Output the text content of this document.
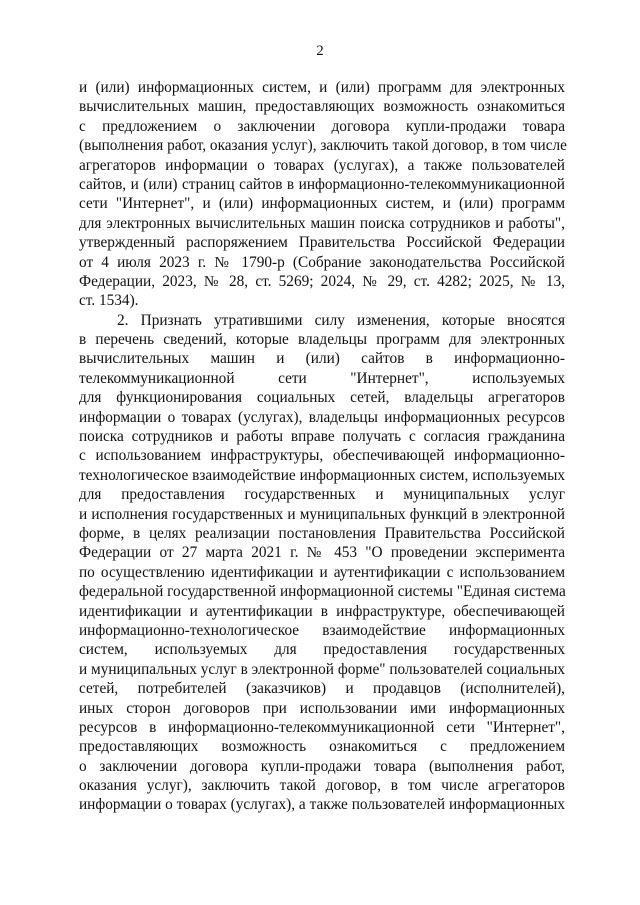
2
и (или) информационных систем, и (или) программ для электронных
вычислительных машин, предоставляющих возможность ознакомиться
с предложением о заключении договора купли-продажи товара
(выполнения работ, оказания услуг), заключить такой договор, в том числе
агрегаторов информации о товарах (услугах), а также пользователей
сайтов, и (или) страниц сайтов в информационно-телекоммуникационной
сети "Интернет", и (или) информационных систем, и (или) программ
для электронных вычислительных машин поиска сотрудников и работы",
утвержденный распоряжением Правительства Российской Федерации
от 4 июля 2023 г. № 1790-р (Собрание законодательства Российской
Федерации, 2023, № 28, ст. 5269; 2024, № 29, ст. 4282; 2025, № 13,
ст. 1534).
2. Признать утратившими силу изменения, которые вносятся
в перечень сведений, которые владельцы программ для электронных
вычислительных машин и (или) сайтов в информационно-
телекоммуникационной сети "Интернет", используемых
для функционирования социальных сетей, владельцы агрегаторов
информации о товарах (услугах), владельцы информационных ресурсов
поиска сотрудников и работы вправе получать с согласия гражданина
с использованием инфраструктуры, обеспечивающей информационно-
технологическое взаимодействие информационных систем, используемых
для предоставления государственных и муниципальных услуг
и исполнения государственных и муниципальных функций в электронной
форме, в целях реализации постановления Правительства Российской
Федерации от 27 марта 2021 г. № 453 "О проведении эксперимента
по осуществлению идентификации и аутентификации с использованием
федеральной государственной информационной системы "Единая система
идентификации и аутентификации в инфраструктуре, обеспечивающей
информационно-технологическое взаимодействие информационных
систем, используемых для предоставления государственных
и муниципальных услуг в электронной форме" пользователей социальных
сетей, потребителей (заказчиков) и продавцов (исполнителей),
иных сторон договоров при использовании ими информационных
ресурсов в информационно-телекоммуникационной сети "Интернет",
предоставляющих возможность ознакомиться с предложением
о заключении договора купли-продажи товара (выполнения работ,
оказания услуг), заключить такой договор, в том числе агрегаторов
информации о товарах (услугах), а также пользователей информационных
